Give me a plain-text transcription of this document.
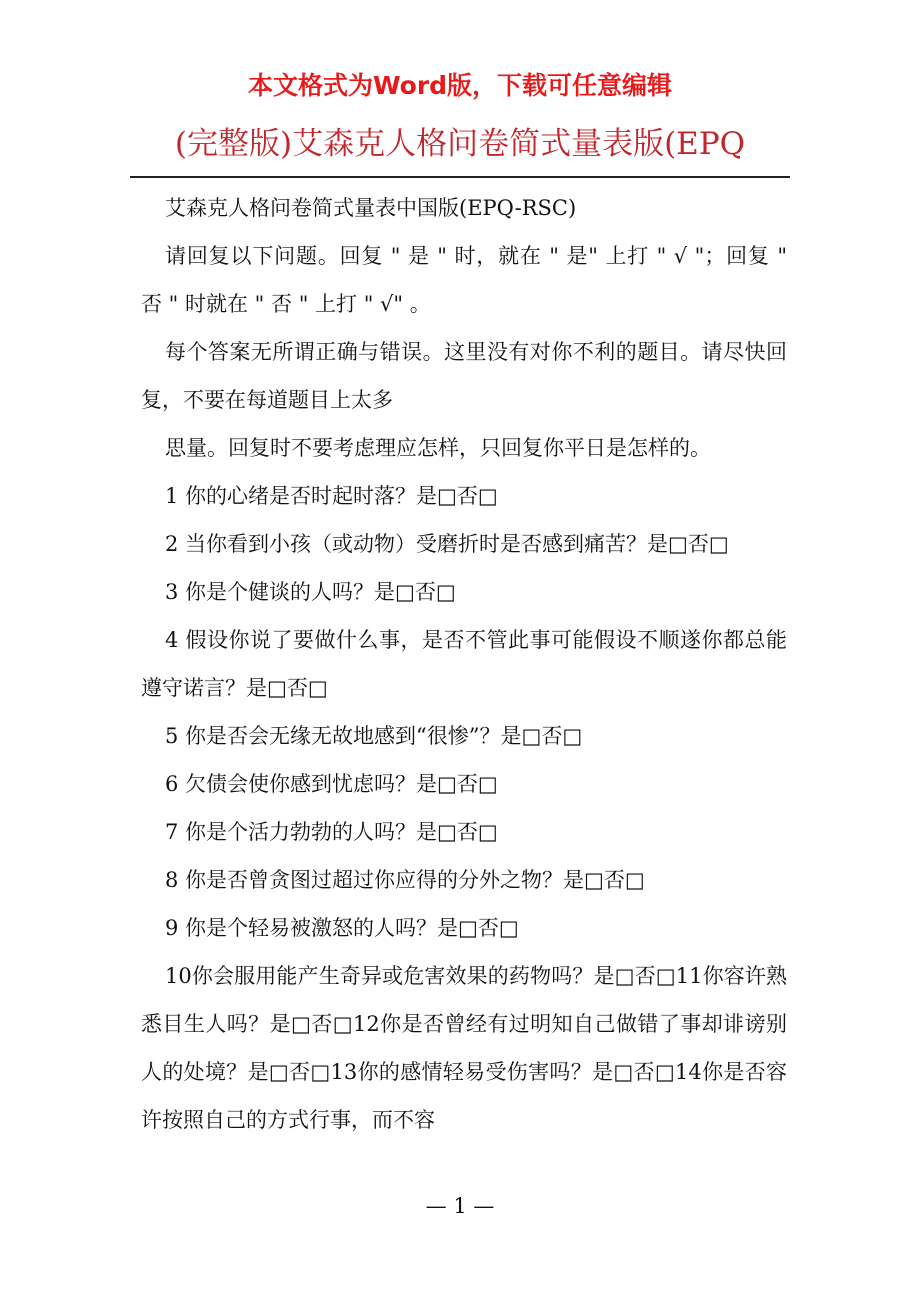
本文格式为Word版，下载可任意编辑
(完整版)艾森克人格问卷简式量表版(EPQ

艾森克人格问卷简式量表中国版(EPQ-RSC)

请回复以下问题。回复 " 是 " 时，就在 " 是" 上打 " √ "；回复 " 否 " 时就在 " 否 " 上打 " √" 。

每个答案无所谓正确与错误。这里没有对你不利的题目。请尽快回复，不要在每道题目上太多

思量。回复时不要考虑理应怎样，只回复你平日是怎样的。

1 你的心绪是否时起时落？是□否□

2 当你看到小孩（或动物）受磨折时是否感到痛苦？是□否□

3 你是个健谈的人吗？是□否□

4 假设你说了要做什么事，是否不管此事可能假设不顺遂你都总能遵守诺言？是□否□

5 你是否会无缘无故地感到“很惨”？是□否□

6 欠债会使你感到忧虑吗？是□否□

7 你是个活力勃勃的人吗？是□否□

8 你是否曾贪图过超过你应得的分外之物？是□否□

9 你是个轻易被激怒的人吗？是□否□

10你会服用能产生奇异或危害效果的药物吗？是□否□11你容许熟悉目生人吗？是□否□12你是否曾经有过明知自己做错了事却诽谤别人的处境？是□否□13你的感情轻易受伤害吗？是□否□14你是否容许按照自己的方式行事，而不容

— 1 —
